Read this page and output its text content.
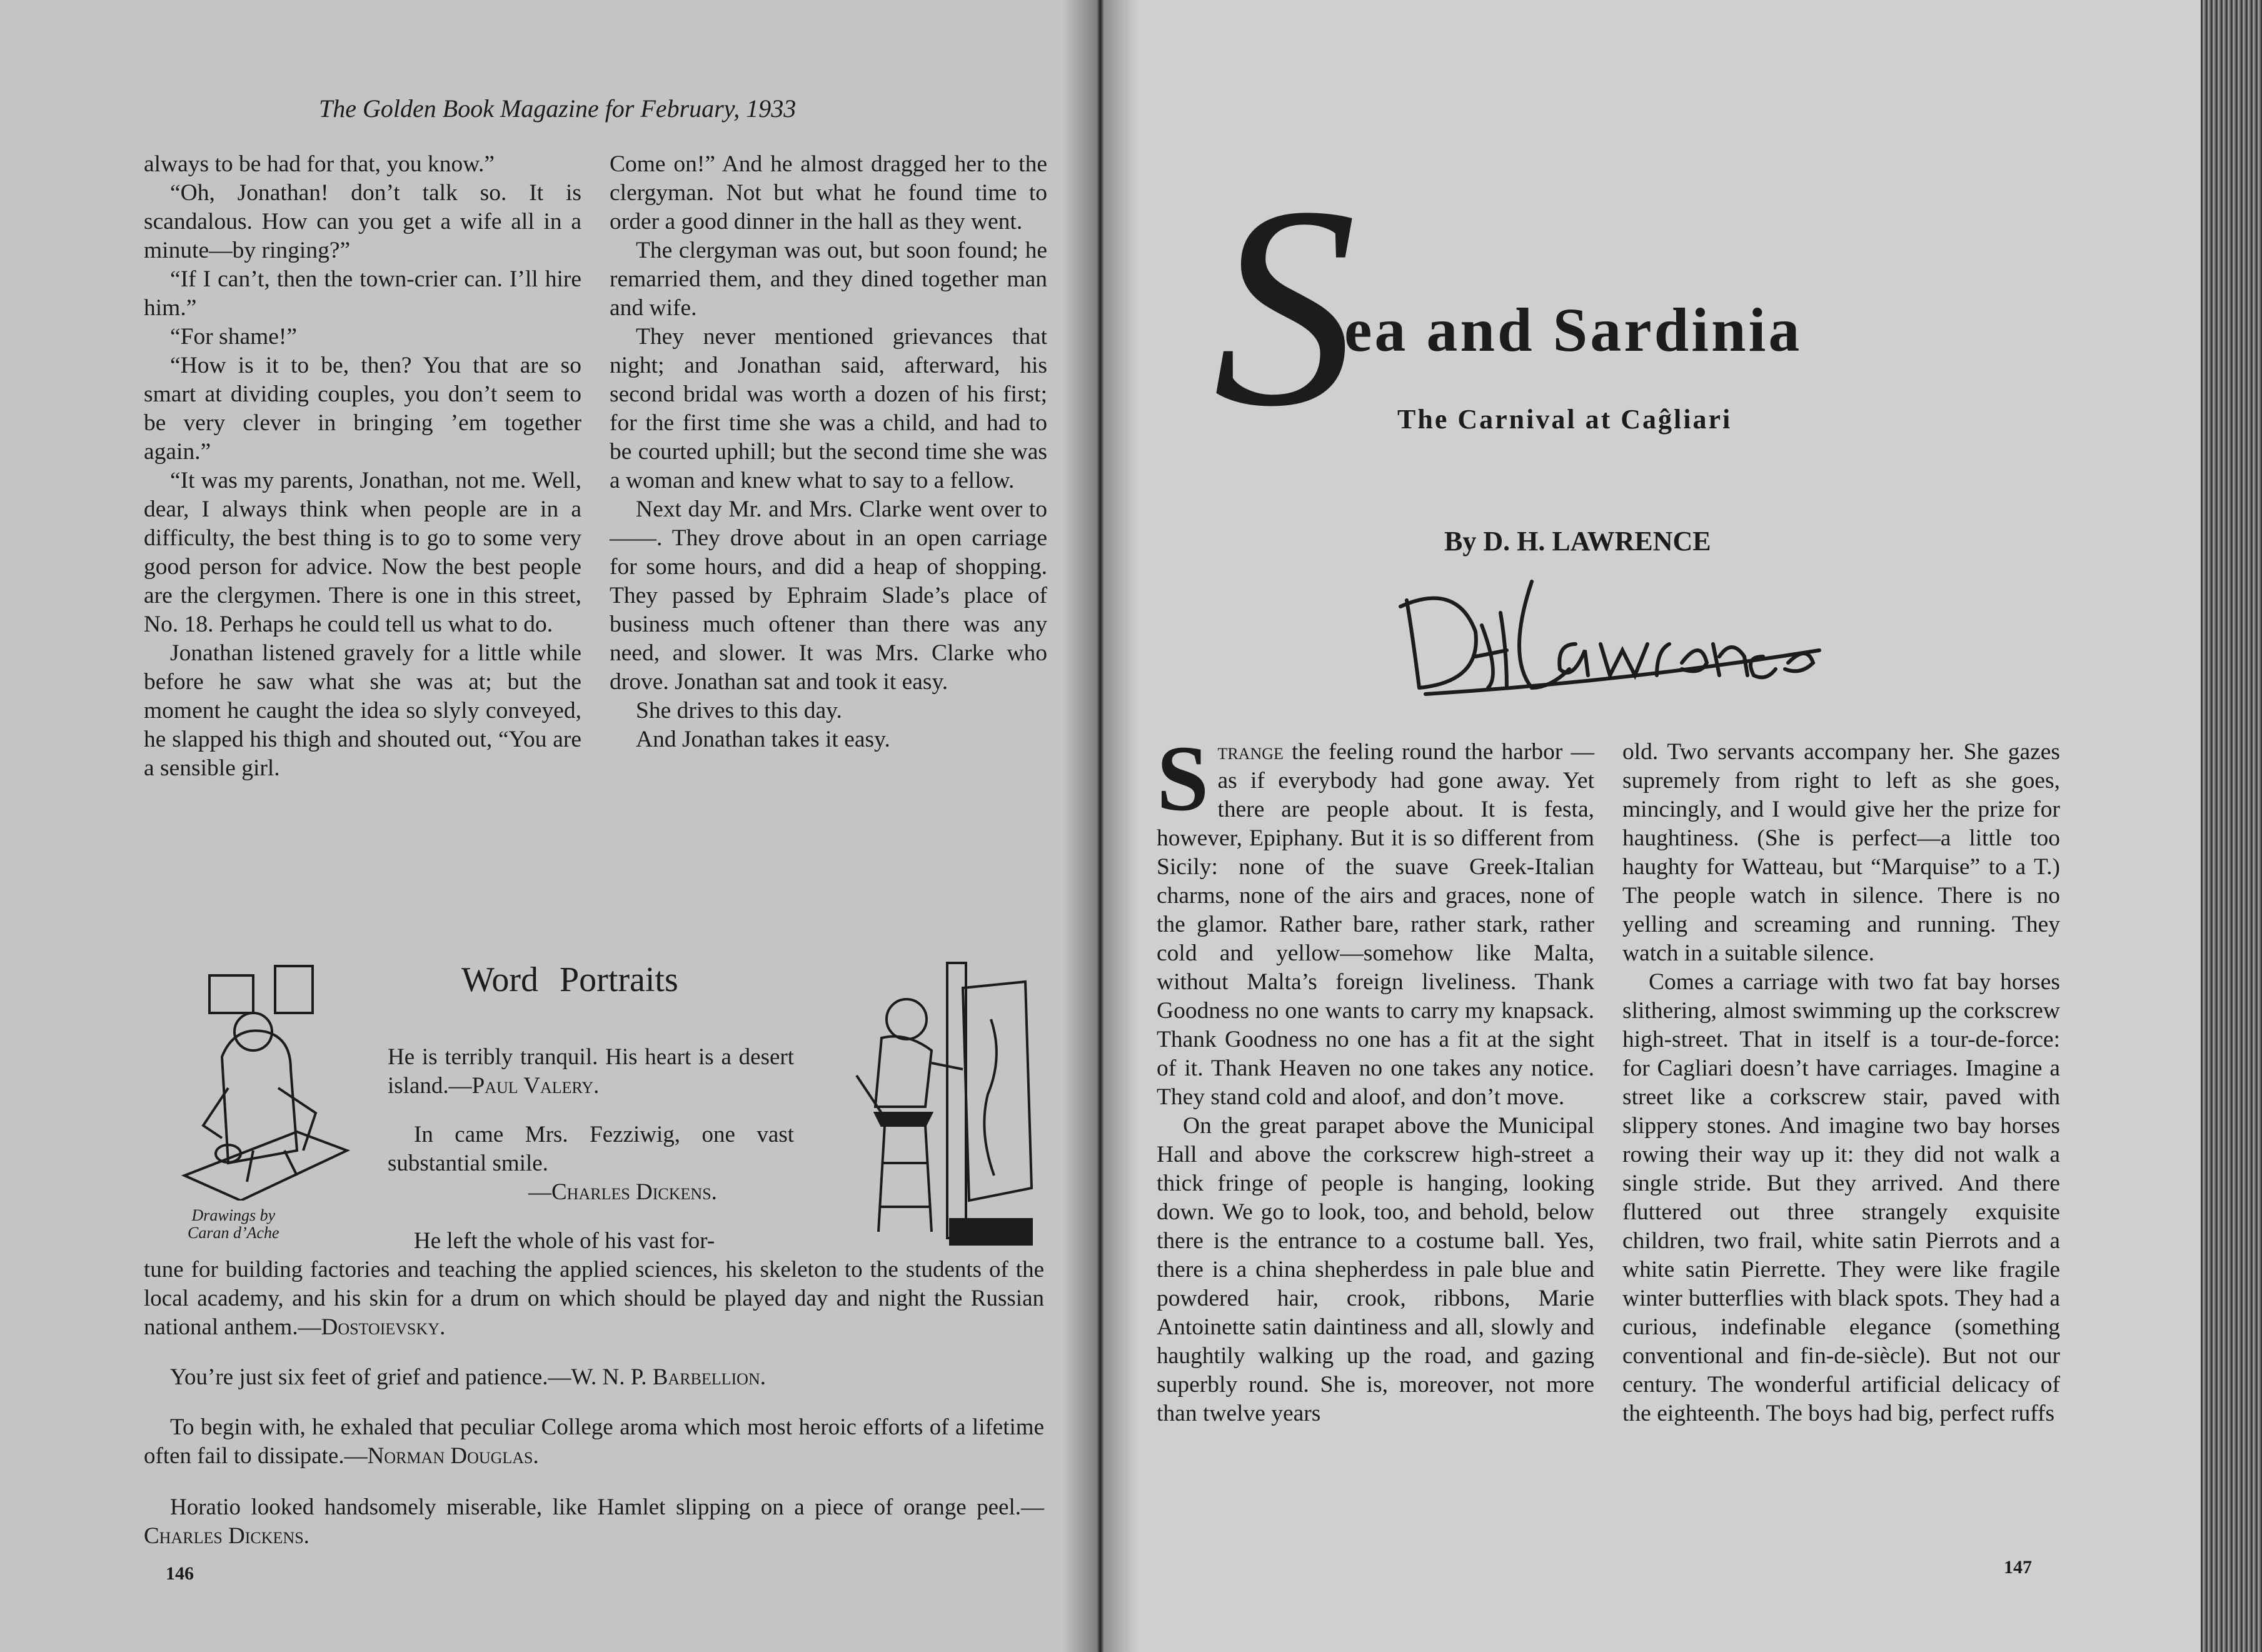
The Golden Book Magazine for February, 1933

always to be had for that, you know.”

“Oh, Jonathan! don’t talk so. It is scandalous. How can you get a wife all in a minute—by ringing?”

“If I can’t, then the town-crier can. I’ll hire him.”

“For shame!”

“How is it to be, then? You that are so smart at dividing couples, you don’t seem to be very clever in bringing ’em together again.”

“It was my parents, Jonathan, not me. Well, dear, I always think when people are in a difficulty, the best thing is to go to some very good person for advice. Now the best people are the clergymen. There is one in this street, No. 18. Perhaps he could tell us what to do.

Jonathan listened gravely for a little while before he saw what she was at; but the moment he caught the idea so slyly conveyed, he slapped his thigh and shouted out, “You are a sensible girl.

Come on!” And he almost dragged her to the clergyman. Not but what he found time to order a good dinner in the hall as they went.

The clergyman was out, but soon found; he remarried them, and they dined together man and wife.

They never mentioned grievances that night; and Jonathan said, afterward, his second bridal was worth a dozen of his first; for the first time she was a child, and had to be courted uphill; but the second time she was a woman and knew what to say to a fellow.

Next day Mr. and Mrs. Clarke went over to ——. They drove about in an open carriage for some hours, and did a heap of shopping. They passed by Ephraim Slade’s place of business much oftener than there was any need, and slower. It was Mrs. Clarke who drove. Jonathan sat and took it easy.

She drives to this day.

And Jonathan takes it easy.

Word Portraits
Drawings by
Caran d’Ache
He is terribly tranquil. His heart is a desert island.—Paul Valery.
In came Mrs. Fezziwig, one vast substantial smile.
—Charles Dickens.
He left the whole of his vast for-
tune for building factories and teaching the applied sciences, his skeleton to the students of the local academy, and his skin for a drum on which should be played day and night the Russian national anthem.—Dostoievsky.
You’re just six feet of grief and patience.—W. N. P. Barbellion.
To begin with, he exhaled that peculiar College aroma which most heroic efforts of a lifetime often fail to dissipate.—Norman Douglas.
Horatio looked handsomely miserable, like Hamlet slipping on a piece of orange peel.—Charles Dickens.
146
S
ea and Sardinia
The Carnival at Caĝliari
By D. H. LAWRENCE

Strange the feeling round the harbor — as if everybody had gone away. Yet there are people about. It is festa, however, Epiphany. But it is so different from Sicily: none of the suave Greek-Italian charms, none of the airs and graces, none of the glamor. Rather bare, rather stark, rather cold and yellow—somehow like Malta, without Malta’s foreign liveliness. Thank Goodness no one wants to carry my knapsack. Thank Goodness no one has a fit at the sight of it. Thank Heaven no one takes any notice. They stand cold and aloof, and don’t move.

On the great parapet above the Municipal Hall and above the corkscrew high-street a thick fringe of people is hanging, looking down. We go to look, too, and behold, below there is the entrance to a costume ball. Yes, there is a china shepherdess in pale blue and powdered hair, crook, ribbons, Marie Antoinette satin daintiness and all, slowly and haughtily walking up the road, and gazing superbly round. She is, moreover, not more than twelve years

old. Two servants accompany her. She gazes supremely from right to left as she goes, mincingly, and I would give her the prize for haughtiness. (She is perfect—a little too haughty for Watteau, but “Marquise” to a T.) The people watch in silence. There is no yelling and screaming and running. They watch in a suitable silence.

Comes a carriage with two fat bay horses slithering, almost swimming up the corkscrew high-street. That in itself is a tour-de-force: for Cagliari doesn’t have carriages. Imagine a street like a corkscrew stair, paved with slippery stones. And imagine two bay horses rowing their way up it: they did not walk a single stride. But they arrived. And there fluttered out three strangely exquisite children, two frail, white satin Pierrots and a white satin Pierrette. They were like fragile winter butterflies with black spots. They had a curious, indefinable elegance (something conventional and fin-de-siècle). But not our century. The wonderful artificial delicacy of the eighteenth. The boys had big, perfect ruffs

147
